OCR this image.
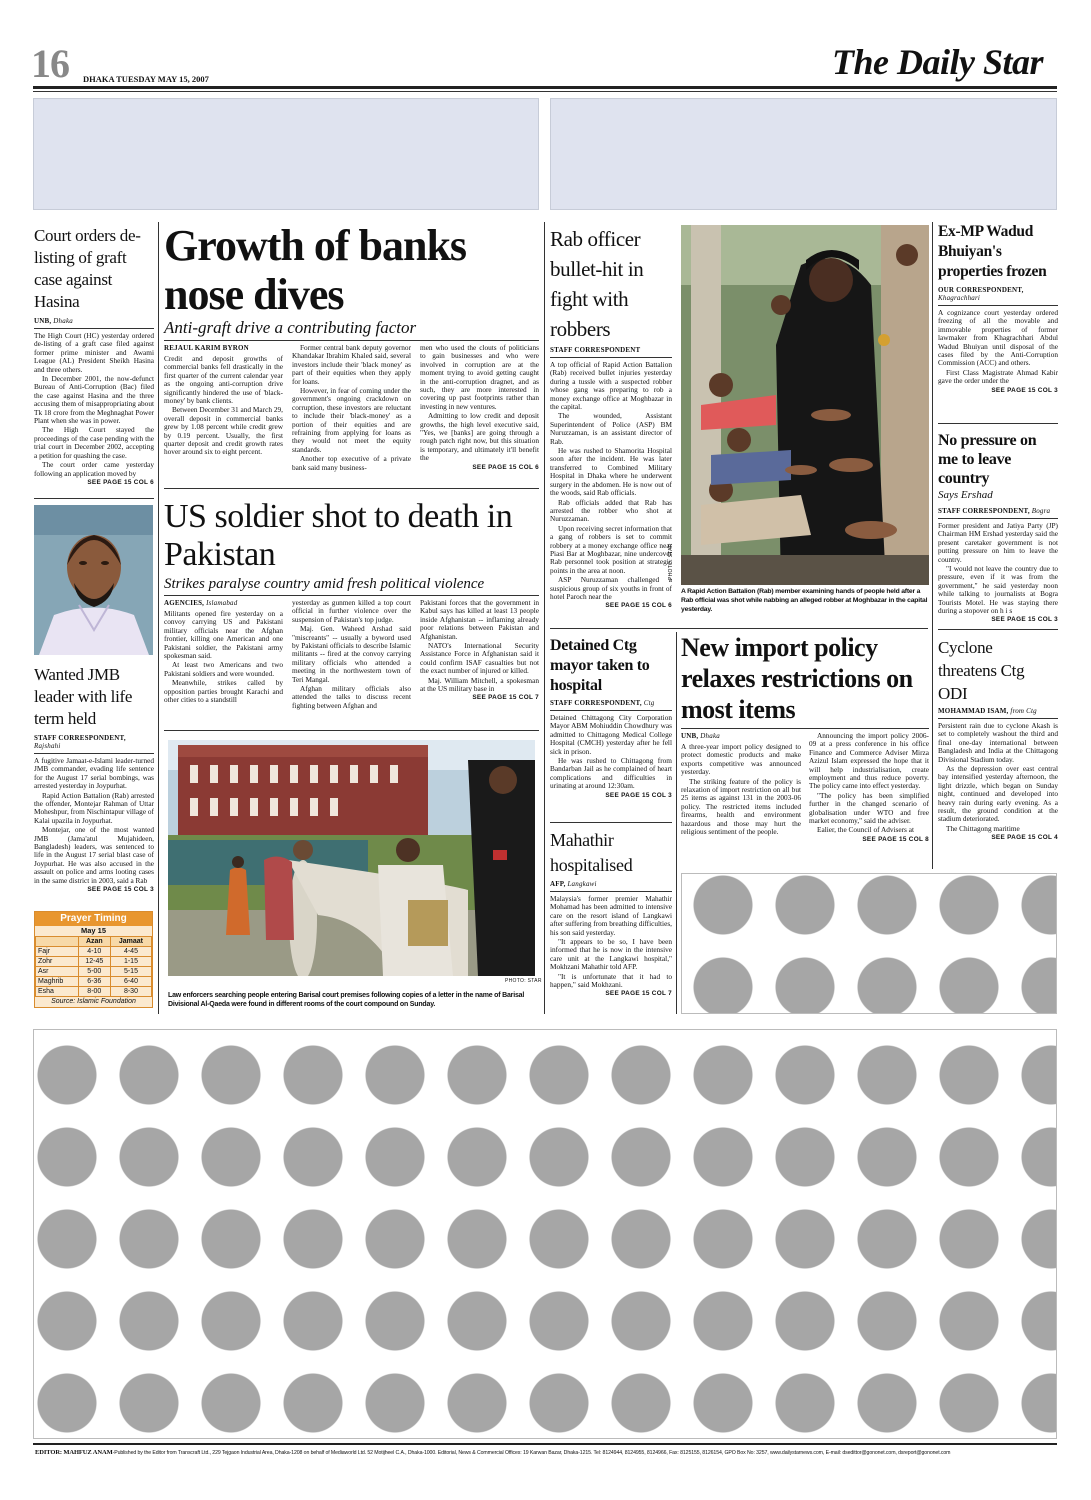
16 DHAKA TUESDAY MAY 15, 2007	The Daily Star
Court orders de-listing of graft case against Hasina
UNB, Dhaka

The High Court (HC) yesterday ordered de-listing of a graft case filed against former prime minister and Awami League (AL) President Sheikh Hasina and three others.

In December 2001, the now-defunct Bureau of Anti-Corruption (Bac) filed the case against Hasina and the three accusing them of misappropriating about Tk 18 crore from the Meghnaghat Power Plant when she was in power.

The High Court stayed the proceedings of the case pending with the trial court in December 2002, accepting a petition for quashing the case.

The court order came yesterday following an application moved by

SEE PAGE 15 COL 6
Wanted JMB leader with life term held
STAFF CORRESPONDENT, Rajshahi

A fugitive Jamaat-e-Islami leader-turned JMB commander, evading life sentence for the August 17 serial bombings, was arrested yesterday in Joypurhat.

Rapid Action Battalion (Rab) arrested the offender, Montejar Rahman of Uttar Moheshpur, from Nischintapur village of Kalai upazila in Joypurhat.

Montejar, one of the most wanted JMB (Jama'atul Mujahideen, Bangladesh) leaders, was sentenced to life in the August 17 serial blast case of Joypurhat. He was also accused in the assault on police and arms looting cases in the same district in 2003, said a Rab

SEE PAGE 15 COL 3
Prayer Timing
May 15
	Azan	Jamaat
Fajr	4-10	4-45
Zohr	12-45	1-15
Asr	5-00	5-15
Maghrib	6-36	6-40
Esha	8-00	8-30
Source: Islamic Foundation
Growth of banks nose dives
Anti-graft drive a contributing factor
REJAUL KARIM BYRON

Credit and deposit growths of commercial banks fell drastically in the first quarter of the current calendar year as the ongoing anti-corruption drive significantly hindered the use of 'black-money' by bank clients.

Between December 31 and March 29, overall deposit in commercial banks grew by 1.08 percent while credit grew by 0.19 percent. Usually, the first quarter deposit and credit growth rates hover around six to eight percent.

Former central bank deputy governor Khandakar Ibrahim Khaled said, several investors include their 'black money' as part of their equities when they apply for loans.

However, in fear of coming under the government's ongoing crackdown on corruption, these investors are reluctant to include their 'black-money' as a portion of their equities and are refraining from applying for loans as they would not meet the equity standards.

Another top executive of a private bank said many business-

men who used the clouts of politicians to gain businesses and who were involved in corruption are at the moment trying to avoid getting caught in the anti-corruption dragnet, and as such, they are more interested in covering up past footprints rather than investing in new ventures.

Admitting to low credit and deposit growths, the high level executive said, "Yes, we [banks] are going through a rough patch right now, but this situation is temporary, and ultimately it'll benefit the

SEE PAGE 15 COL 6
US soldier shot to death in Pakistan
Strikes paralyse country amid fresh political violence
AGENCIES, Islamabad

Militants opened fire yesterday on a convoy carrying US and Pakistani military officials near the Afghan frontier, killing one American and one Pakistani soldier, the Pakistani army spokesman said.

At least two Americans and two Pakistani soldiers and were wounded.

Meanwhile, strikes called by opposition parties brought Karachi and other cities to a standstill

yesterday as gunmen killed a top court official in further violence over the suspension of Pakistan's top judge.

Maj. Gen. Waheed Arshad said "miscreants" -- usually a byword used by Pakistani officials to describe Islamic militants -- fired at the convoy carrying military officials who attended a meeting in the northwestern town of Teri Mangal.

Afghan military officials also attended the talks to discuss recent fighting between Afghan and

Pakistani forces that the government in Kabul says has killed at least 13 people inside Afghanistan -- inflaming already poor relations between Pakistan and Afghanistan.

NATO's International Security Assistance Force in Afghanistan said it could confirm ISAF casualties but not the exact number of injured or killed.

Maj. William Mitchell, a spokesman at the US military base in

SEE PAGE 15 COL 7
PHOTO: STAR
Law enforcers searching people entering Barisal court premises following copies of a letter in the name of Barisal Divisional Al-Qaeda were found in different rooms of the court compound on Sunday.
Rab officer bullet-hit in fight with robbers
STAFF CORRESPONDENT

A top official of Rapid Action Battalion (Rab) received bullet injuries yesterday during a tussle with a suspected robber whose gang was preparing to rob a money exchange office at Moghbazar in the capital.

The wounded, Assistant Superintendent of Police (ASP) BM Nuruzzaman, is an assistant director of Rab.

He was rushed to Shamorita Hospital soon after the incident. He was later transferred to Combined Military Hospital in Dhaka where he underwent surgery in the abdomen. He is now out of the woods, said Rab officials.

Rab officials added that Rab has arrested the robber who shot at Nuruzzaman.

Upon receiving secret information that a gang of robbers is set to commit robbery at a money exchange office near Piasi Bar at Moghbazar, nine undercover Rab personnel took position at strategic points in the area at noon.

ASP Nuruzzaman challenged a suspicious group of six youths in front of hotel Paroch near the

SEE PAGE 15 COL 6
PHOTO: STAR
A Rapid Action Battalion (Rab) member examining hands of people held after a Rab official was shot while nabbing an alleged robber at Moghbazar in the capital yesterday.
Detained Ctg mayor taken to hospital
STAFF CORRESPONDENT, Ctg

Detained Chittagong City Corporation Mayor ABM Mohiuddin Chowdhury was admitted to Chittagong Medical College Hospital (CMCH) yesterday after he fell sick in prison.

He was rushed to Chittagong from Bandarban Jail as he complained of heart complications and difficulties in urinating at around 12:30am.

SEE PAGE 15 COL 3
Mahathir hospitalised
AFP, Langkawi

Malaysia's former premier Mahathir Mohamad has been admitted to intensive care on the resort island of Langkawi after suffering from breathing difficulties, his son said yesterday.

"It appears to be so, I have been informed that he is now in the intensive care unit at the Langkawi hospital," Mokhzani Mahathir told AFP.

"It is unfortunate that it had to happen," said Mokhzani.

SEE PAGE 15 COL 7
New import policy relaxes restrictions on most items
UNB, Dhaka

A three-year import policy designed to protect domestic products and make exports competitive was announced yesterday.

The striking feature of the policy is relaxation of import restriction on all but 25 items as against 131 in the 2003-06 policy. The restricted items included firearms, health and environment hazardous and those may hurt the religious sentiment of the people.

Announcing the import policy 2006-09 at a press conference in his office Finance and Commerce Adviser Mirza Azizul Islam expressed the hope that it will help industrialisation, create employment and thus reduce poverty. The policy came into effect yesterday.

"The policy has been simplified further in the changed scenario of globalisation under WTO and free market economy," said the adviser.

Ealier, the Council of Advisers at

SEE PAGE 15 COL 8
Ex-MP Wadud Bhuiyan's properties frozen
OUR CORRESPONDENT,
Khagrachhari

A cognizance court yesterday ordered freezing of all the movable and immovable properties of former lawmaker from Khagrachhari Abdul Wadud Bhuiyan until disposal of the cases filed by the Anti-Corruption Commission (ACC) and others.

First Class Magistrate Ahmad Kabir gave the order under the

SEE PAGE 15 COL 3
No pressure on me to leave country
Says Ershad
STAFF CORRESPONDENT, Bogra

Former president and Jatiya Party (JP) Chairman HM Ershad yesterday said the present caretaker government is not putting pressure on him to leave the country.

"I would not leave the country due to pressure, even if it was from the government," he said yesterday noon while talking to journalists at Bogra Tourists Motel. He was staying there during a stopover on h i s

SEE PAGE 15 COL 3
Cyclone threatens Ctg ODI
MOHAMMAD ISAM, from Ctg

Persistent rain due to cyclone Akash is set to completely washout the third and final one-day international between Bangladesh and India at the Chittagong Divisional Stadium today.

As the depression over east central bay intensified yesterday afternoon, the light drizzle, which began on Sunday night, continued and developed into heavy rain during early evening. As a result, the ground condition at the stadium deteriorated.

The Chittagong maritime

SEE PAGE 15 COL 4
EDITOR: MAHFUZ ANAM-Published by the Editor from Transcraft Ltd., 229 Tejgaon Industrial Area, Dhaka-1208 on behalf of Mediaworld Ltd. 52 Motijheel C.A., Dhaka-1000. Editorial, News & Commercial Offices: 19 Karwan Bazar, Dhaka-1215. Tel: 8124944, 8124955, 8124966, Fax: 8125155, 8126154, GPO Box No: 3257, www.dailystarnews.com, E-mail: dsedittor@gononet.com, dsreport@gononet.com
